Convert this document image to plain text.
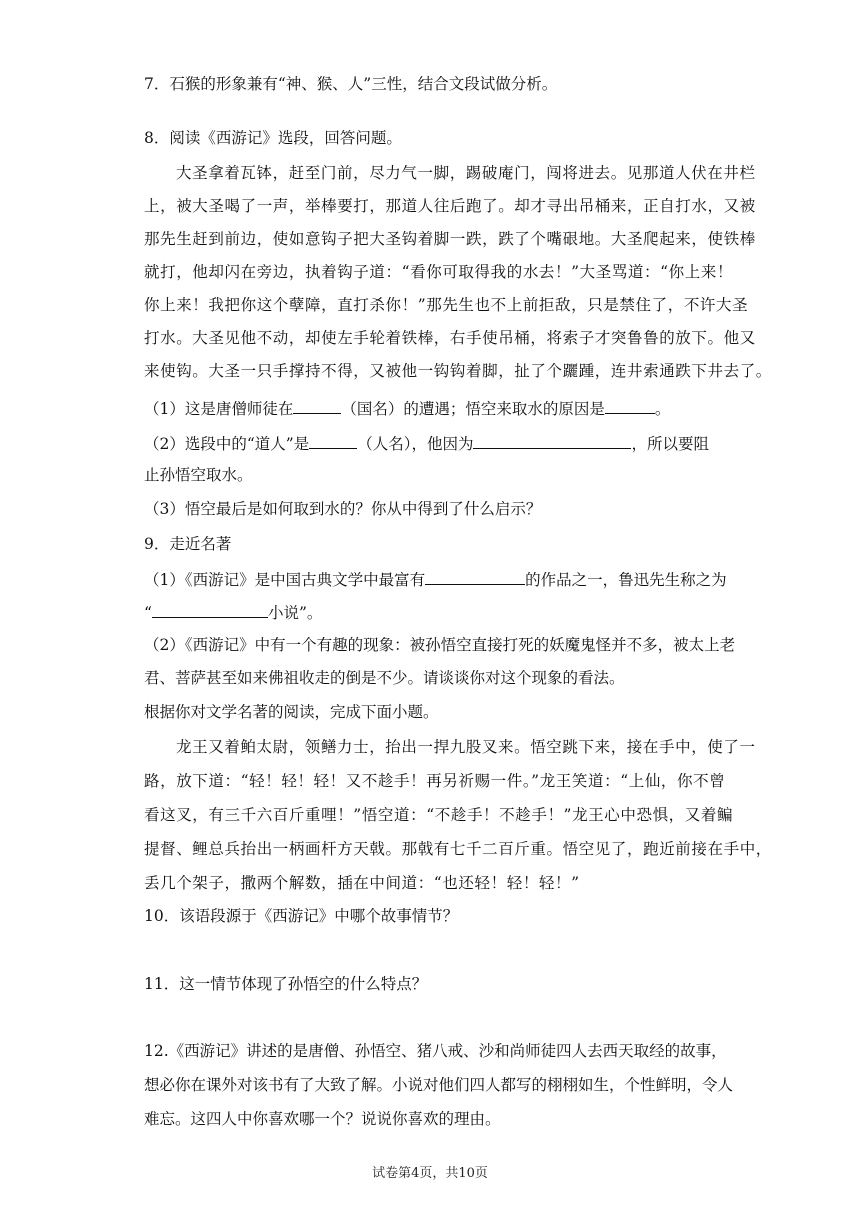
7．石猴的形象兼有“神、猴、人”三性，结合文段试做分析。
8．阅读《西游记》选段，回答问题。
大圣拿着瓦钵，赶至门前，尽力气一脚，踢破庵门，闯将进去。见那道人伏在井栏
上，被大圣喝了一声，举棒要打，那道人往后跑了。却才寻出吊桶来，正自打水，又被
那先生赶到前边，使如意钩子把大圣钩着脚一跌，跌了个嘴硍地。大圣爬起来，使铁棒
就打，他却闪在旁边，执着钩子道：“看你可取得我的水去！”大圣骂道：“你上来！
你上来！我把你这个孽障，直打杀你！”那先生也不上前拒敌，只是禁住了，不许大圣
打水。大圣见他不动，却使左手轮着铁棒，右手使吊桶，将索子才突鲁鲁的放下。他又
来使钩。大圣一只手撑持不得，又被他一钩钩着脚，扯了个躧踵，连井索通跌下井去了。
（1）这是唐僧师徒在	（国名）的遭遇；悟空来取水的原因是	。
（2）选段中的“道人”是	（人名），他因为	，所以要阻
止孙悟空取水。
（3）悟空最后是如何取到水的？你从中得到了什么启示？
9．走近名著
（1）《西游记》是中国古典文学中最富有	的作品之一，鲁迅先生称之为
“	小说”。
（2）《西游记》中有一个有趣的现象：被孙悟空直接打死的妖魔鬼怪并不多，被太上老
君、菩萨甚至如来佛祖收走的倒是不少。请谈谈你对这个现象的看法。
根据你对文学名著的阅读，完成下面小题。
龙王又着鲌太尉，领鳝力士，抬出一捍九股叉来。悟空跳下来，接在手中，使了一
路，放下道：“轻！轻！轻！又不趁手！再另祈赐一件。”龙王笑道：“上仙，你不曾
看这叉，有三千六百斤重哩！”悟空道：“不趁手！不趁手！”龙王心中恐惧，又着鳊
提督、鲤总兵抬出一柄画杆方天戟。那戟有七千二百斤重。悟空见了，跑近前接在手中，
丢几个架子，撒两个解数，插在中间道：“也还轻！轻！轻！”
10．该语段源于《西游记》中哪个故事情节？
11．这一情节体现了孙悟空的什么特点？
12.《西游记》讲述的是唐僧、孙悟空、猪八戒、沙和尚师徒四人去西天取经的故事，
想必你在课外对该书有了大致了解。小说对他们四人都写的栩栩如生，个性鲜明，令人
难忘。这四人中你喜欢哪一个？说说你喜欢的理由。
试卷第4页，共10页
